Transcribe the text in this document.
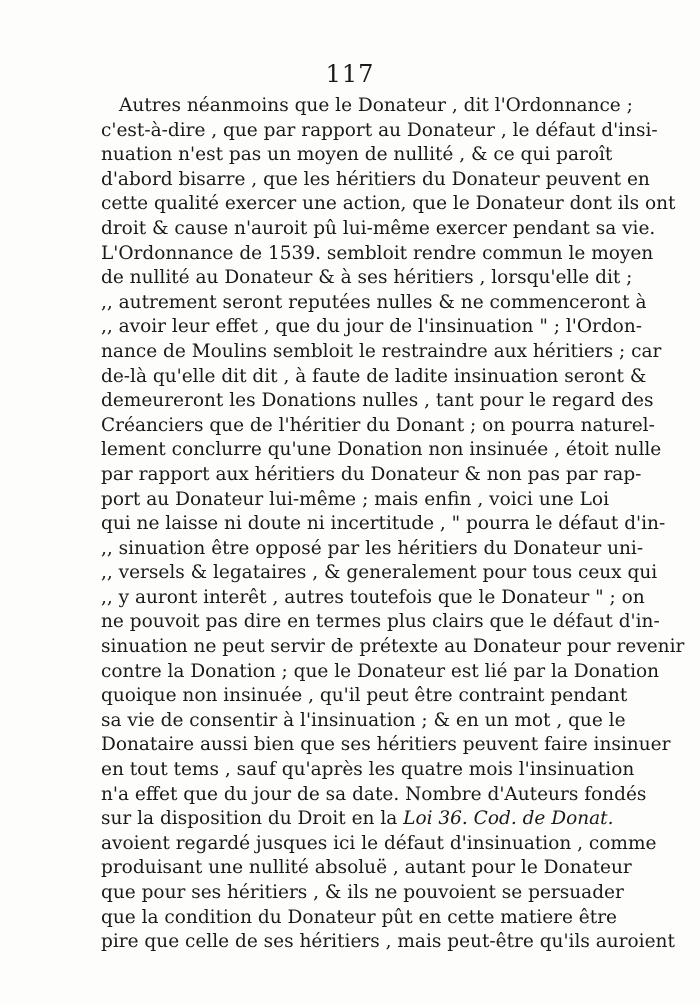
117
Autres néanmoins que le Donateur , dit l'Ordonnance ;
c'est-à-dire , que par rapport au Donateur , le défaut d'insi-
nuation n'est pas un moyen de nullité , & ce qui paroît
d'abord bisarre , que les héritiers du Donateur peuvent en
cette qualité exercer une action, que le Donateur dont ils ont
droit & cause n'auroit pû lui-même exercer pendant sa vie.
L'Ordonnance de 1539. sembloit rendre commun le moyen
de nullité au Donateur & à ses héritiers , lorsqu'elle dit ;
,, autrement seront reputées nulles & ne commenceront à
,, avoir leur effet , que du jour de l'insinuation " ; l'Ordon-
nance de Moulins sembloit le restraindre aux héritiers ; car
de-là qu'elle dit dit , à faute de ladite insinuation seront &
demeureront les Donations nulles , tant pour le regard des
Créanciers que de l'héritier du Donant ; on pourra naturel-
lement conclurre qu'une Donation non insinuée , étoit nulle
par rapport aux héritiers du Donateur & non pas par rap-
port au Donateur lui-même ; mais enfin , voici une Loi
qui ne laisse ni doute ni incertitude , " pourra le défaut d'in-
,, sinuation être opposé par les héritiers du Donateur uni-
,, versels & legataires , & generalement pour tous ceux qui
,, y auront interêt , autres toutefois que le Donateur " ; on
ne pouvoit pas dire en termes plus clairs que le défaut d'in-
sinuation ne peut servir de prétexte au Donateur pour revenir
contre la Donation ; que le Donateur est lié par la Donation
quoique non insinuée , qu'il peut être contraint pendant
sa vie de consentir à l'insinuation ; & en un mot , que le
Donataire aussi bien que ses héritiers peuvent faire insinuer
en tout tems , sauf qu'après les quatre mois l'insinuation
n'a effet que du jour de sa date. Nombre d'Auteurs fondés
sur la disposition du Droit en la Loi 36. Cod. de Donat.
avoient regardé jusques ici le défaut d'insinuation , comme
produisant une nullité absoluë , autant pour le Donateur
que pour ses héritiers , & ils ne pouvoient se persuader
que la condition du Donateur pût en cette matiere être
pire que celle de ses héritiers , mais peut-être qu'ils auroient
